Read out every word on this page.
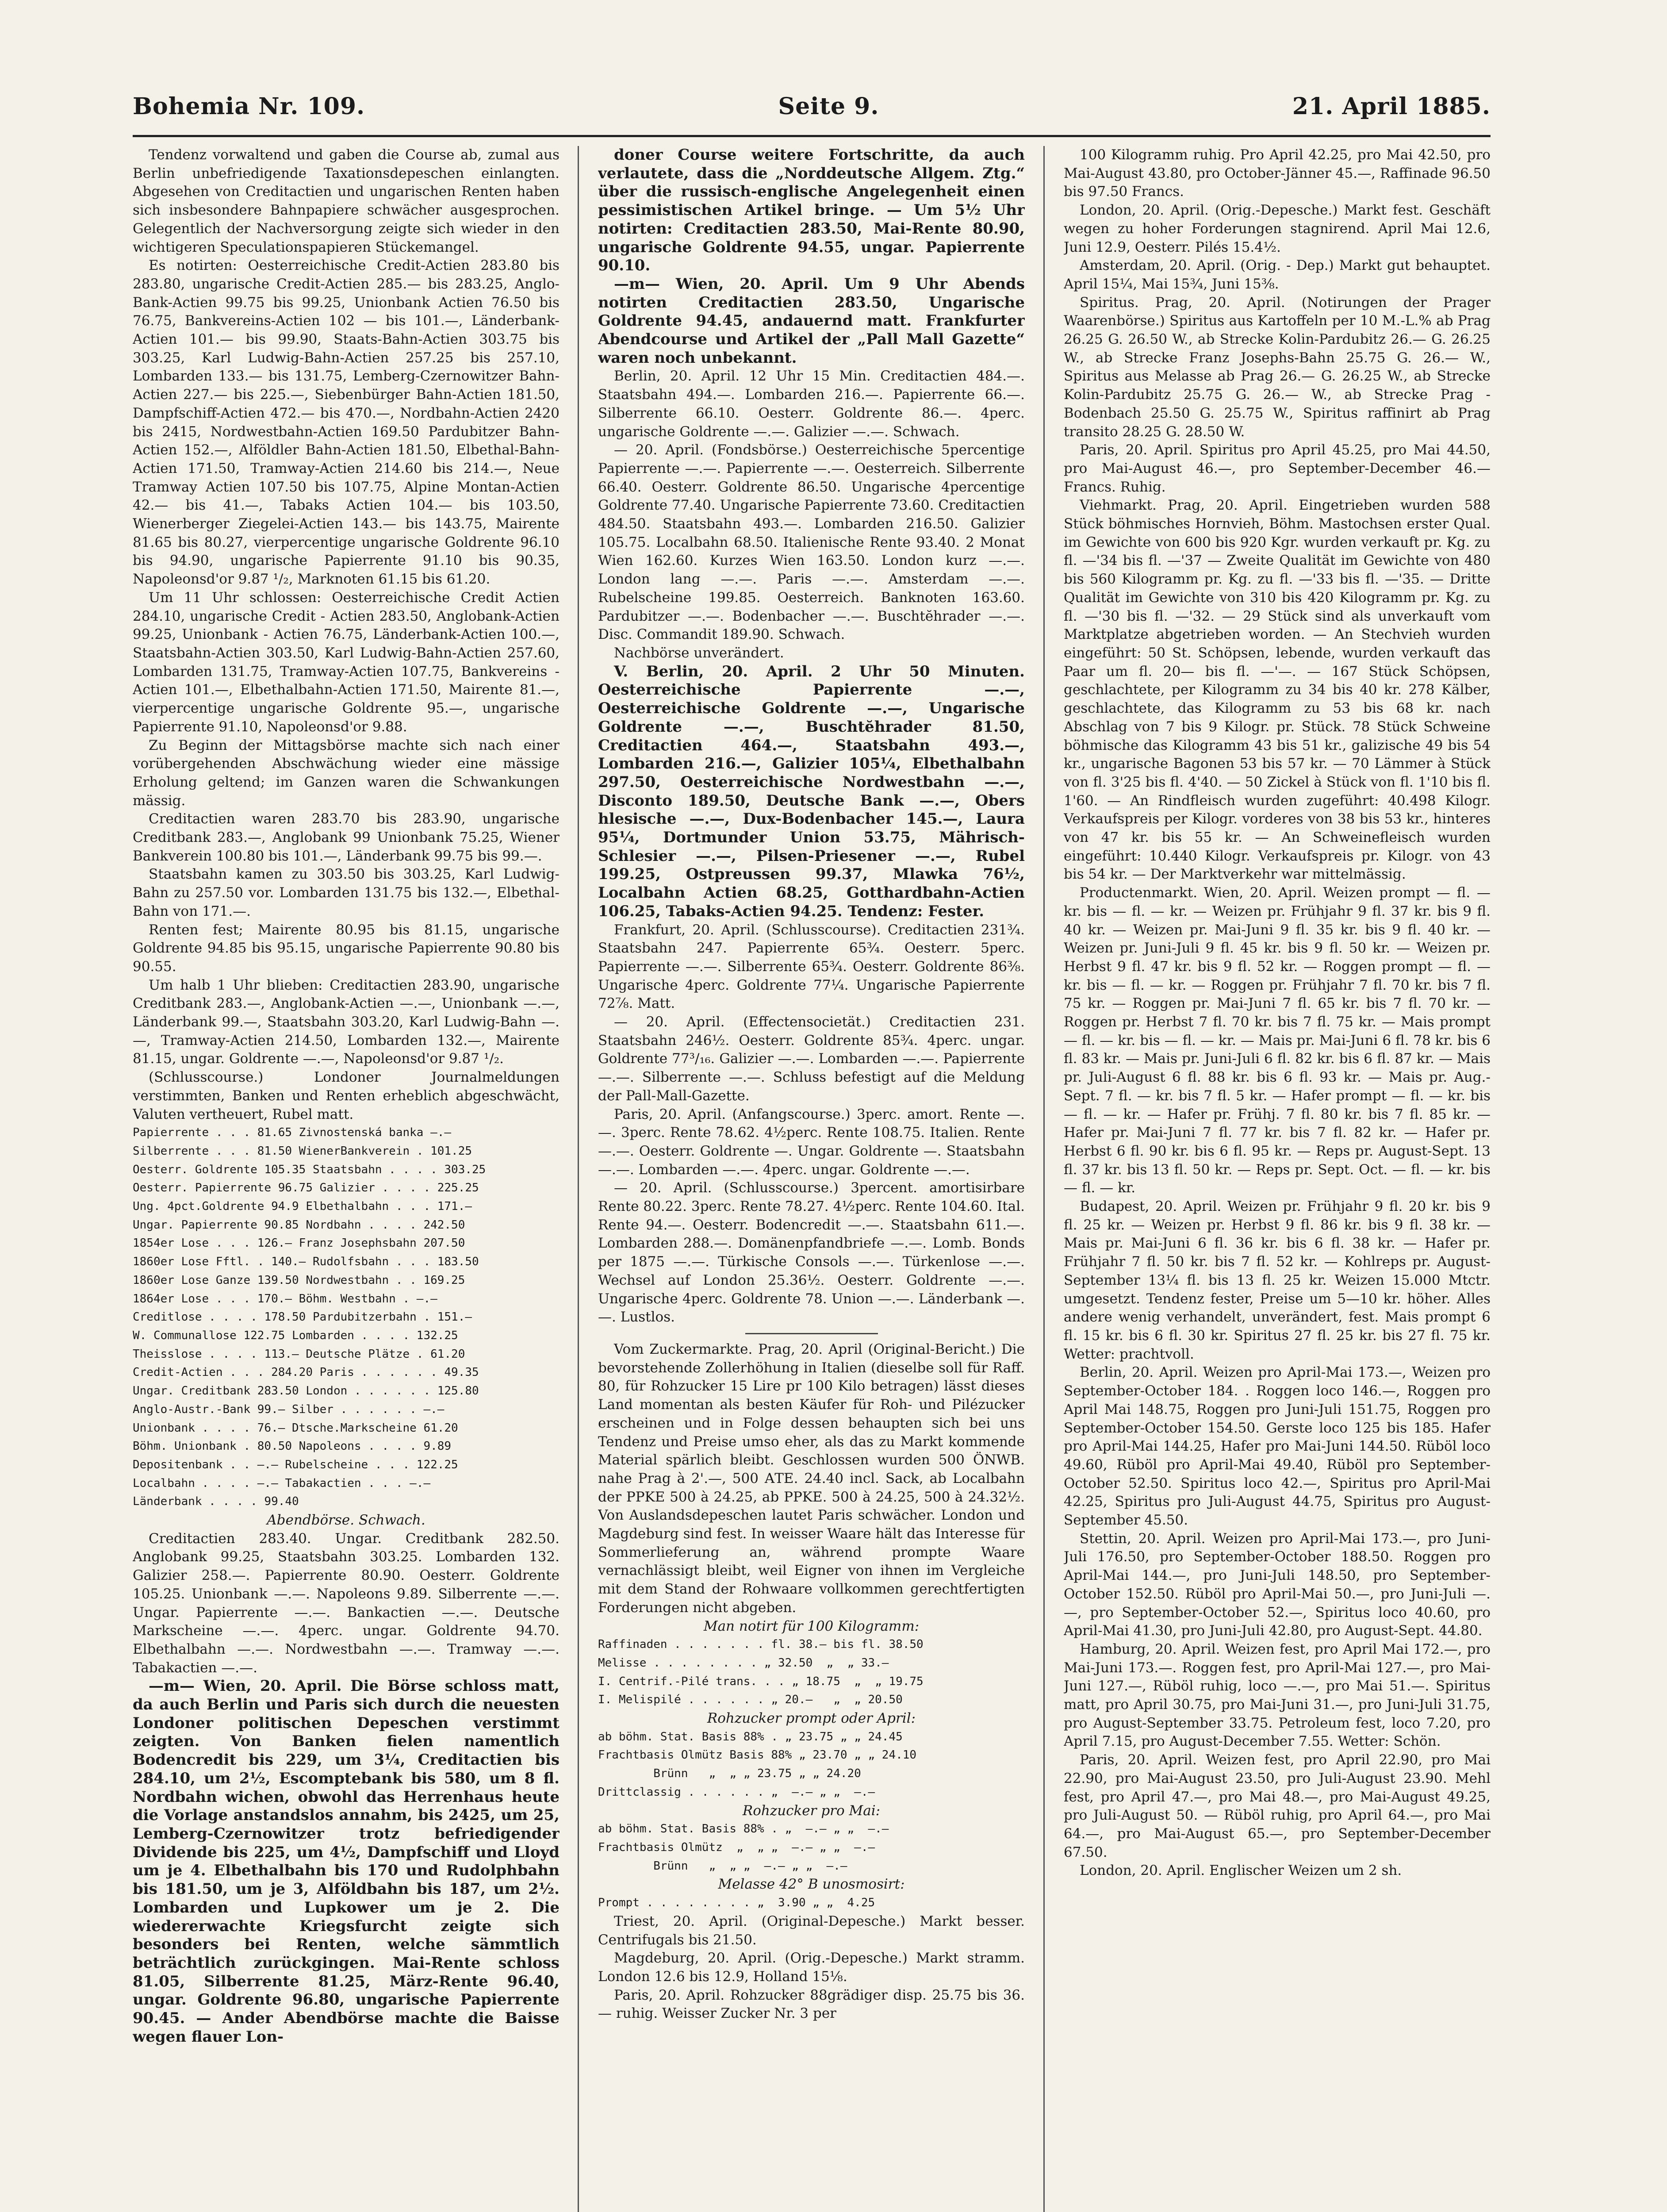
Bohemia Nr. 109.	Seite 9.	21. April 1885.

Tendenz vorwaltend und gaben die Course ab, zumal aus Berlin unbefriedigende Taxationsdepeschen einlangten. Abgesehen von Creditactien und ungarischen Renten haben sich insbesondere Bahnpapiere schwächer ausgesprochen. Gelegentlich der Nachversorgung zeigte sich wieder in den wichtigeren Speculationspapieren Stückemangel.

Es notirten: Oesterreichische Credit-Actien 283.80 bis 283.80, ungarische Credit-Actien 285.— bis 283.25, Anglo-Bank-Actien 99.75 bis 99.25, Unionbank Actien 76.50 bis 76.75, Bankvereins-Actien 102 — bis 101.—, Länderbank-Actien 101.— bis 99.90, Staats-Bahn-Actien 303.75 bis 303.25, Karl Ludwig-Bahn-Actien 257.25 bis 257.10, Lombarden 133.— bis 131.75, Lemberg-Czernowitzer Bahn-Actien 227.— bis 225.—, Siebenbürger Bahn-Actien 181.50, Dampfschiff-Actien 472.— bis 470.—, Nordbahn-Actien 2420 bis 2415, Nordwestbahn-Actien 169.50 Pardubitzer Bahn-Actien 152.—, Alföldler Bahn-Actien 181.50, Elbethal-Bahn-Actien 171.50, Tramway-Actien 214.60 bis 214.—, Neue Tramway Actien 107.50 bis 107.75, Alpine Montan-Actien 42.— bis 41.—, Tabaks Actien 104.— bis 103.50, Wienerberger Ziegelei-Actien 143.— bis 143.75, Mairente 81.65 bis 80.27, vierpercentige ungarische Goldrente 96.10 bis 94.90, ungarische Papierrente 91.10 bis 90.35, Napoleonsd'or 9.87 ¹/₂, Marknoten 61.15 bis 61.20.

Um 11 Uhr schlossen: Oesterreichische Credit Actien 284.10, ungarische Credit - Actien 283.50, Anglobank-Actien 99.25, Unionbank - Actien 76.75, Länderbank-Actien 100.—, Staatsbahn-Actien 303.50, Karl Ludwig-Bahn-Actien 257.60, Lombarden 131.75, Tramway-Actien 107.75, Bankvereins - Actien 101.—, Elbethalbahn-Actien 171.50, Mairente 81.—, vierpercentige ungarische Goldrente 95.—, ungarische Papierrente 91.10, Napoleonsd'or 9.88.

Zu Beginn der Mittagsbörse machte sich nach einer vorübergehenden Abschwächung wieder eine mässige Erholung geltend; im Ganzen waren die Schwankungen mässig.

Creditactien waren 283.70 bis 283.90, ungarische Creditbank 283.—, Anglobank 99 Unionbank 75.25, Wiener Bankverein 100.80 bis 101.—, Länderbank 99.75 bis 99.—.

Staatsbahn kamen zu 303.50 bis 303.25, Karl Ludwig-Bahn zu 257.50 vor. Lombarden 131.75 bis 132.—, Elbethal-Bahn von 171.—.

Renten fest; Mairente 80.95 bis 81.15, ungarische Goldrente 94.85 bis 95.15, ungarische Papierrente 90.80 bis 90.55.

Um halb 1 Uhr blieben: Creditactien 283.90, ungarische Creditbank 283.—, Anglobank-Actien —.—, Unionbank —.—, Länderbank 99.—, Staatsbahn 303.20, Karl Ludwig-Bahn —.—, Tramway-Actien 214.50, Lombarden 132.—, Mairente 81.15, ungar. Goldrente —.—, Napoleonsd'or 9.87 ¹/₂.

(Schlusscourse.) Londoner Journalmeldungen verstimmten, Banken und Renten erheblich abgeschwächt, Valuten vertheuert, Rubel matt.

Papierrente . . . 81.65 Zivnostenská banka —.—
Silberrente . . . 81.50 WienerBankverein . 101.25
Oesterr. Goldrente 105.35 Staatsbahn . . . . 303.25
Oesterr. Papierrente 96.75 Galizier . . . . 225.25
Ung. 4pct.Goldrente 94.9 Elbethalbahn . . . 171.—
Ungar. Papierrente 90.85 Nordbahn . . . . 242.50
1854er Lose . . . 126.— Franz Josephsbahn 207.50
1860er Lose Fftl. . 140.— Rudolfsbahn . . . 183.50
1860er Lose Ganze 139.50 Nordwestbahn . . 169.25
1864er Lose . . . 170.— Böhm. Westbahn . —.—
Creditlose . . . . 178.50 Pardubitzerbahn . 151.—
W. Communallose 122.75 Lombarden . . . . 132.25
Theisslose . . . . 113.— Deutsche Plätze . 61.20
Credit-Actien . . . 284.20 Paris . . . . . . 49.35
Ungar. Creditbank 283.50 London . . . . . . 125.80
Anglo-Austr.-Bank 99.— Silber . . . . . . —.—
Unionbank . . . . 76.— Dtsche.Markscheine 61.20
Böhm. Unionbank . 80.50 Napoleons . . . . 9.89
Depositenbank . . —.— Rubelscheine . . . 122.25
Localbahn . . . . —.— Tabakactien . . . —.—
Länderbank . . . . 99.40

Abendbörse. Schwach.

Creditactien 283.40. Ungar. Creditbank 282.50. Anglobank 99.25, Staatsbahn 303.25. Lombarden 132. Galizier 258.—. Papierrente 80.90. Oesterr. Goldrente 105.25. Unionbank —.—. Napoleons 9.89. Silberrente —.—. Ungar. Papierrente —.—. Bankactien —.—. Deutsche Markscheine —.—. 4perc. ungar. Goldrente 94.70. Elbethalbahn —.—. Nordwestbahn —.—. Tramway —.—. Tabakactien —.—.

—m— Wien, 20. April. Die Börse schloss matt, da auch Berlin und Paris sich durch die neuesten Londoner politischen Depeschen verstimmt zeigten. Von Banken fielen namentlich Bodencredit bis 229, um 3¼, Creditactien bis 284.10, um 2½, Escomptebank bis 580, um 8 fl. Nordbahn wichen, obwohl das Herrenhaus heute die Vorlage anstandslos annahm, bis 2425, um 25, Lemberg-Czernowitzer trotz befriedigender Dividende bis 225, um 4½, Dampfschiff und Lloyd um je 4. Elbethalbahn bis 170 und Rudolphbahn bis 181.50, um je 3, Alföldbahn bis 187, um 2½. Lombarden und Lupkower um je 2. Die wiedererwachte Kriegsfurcht zeigte sich besonders bei Renten, welche sämmtlich beträchtlich zurückgingen. Mai-Rente schloss 81.05, Silberrente 81.25, März-Rente 96.40, ungar. Goldrente 96.80, ungarische Papierrente 90.45. — Ander Abendbörse machte die Baisse wegen flauer Lon-

doner Course weitere Fortschritte, da auch verlautete, dass die „Norddeutsche Allgem. Ztg.“ über die russisch-englische Angelegenheit einen pessimistischen Artikel bringe. — Um 5½ Uhr notirten: Creditactien 283.50, Mai-Rente 80.90, ungarische Goldrente 94.55, ungar. Papierrente 90.10.

—m— Wien, 20. April. Um 9 Uhr Abends notirten Creditactien 283.50, Ungarische Goldrente 94.45, andauernd matt. Frankfurter Abendcourse und Artikel der „Pall Mall Gazette“ waren noch unbekannt.

Berlin, 20. April. 12 Uhr 15 Min. Creditactien 484.—. Staatsbahn 494.—. Lombarden 216.—. Papierrente 66.—. Silberrente 66.10. Oesterr. Goldrente 86.—. 4perc. ungarische Goldrente —.—. Galizier —.—. Schwach.

— 20. April. (Fondsbörse.) Oesterreichische 5percentige Papierrente —.—. Papierrente —.—. Oesterreich. Silberrente 66.40. Oesterr. Goldrente 86.50. Ungarische 4percentige Goldrente 77.40. Ungarische Papierrente 73.60. Creditactien 484.50. Staatsbahn 493.—. Lombarden 216.50. Galizier 105.75. Localbahn 68.50. Italienische Rente 93.40. 2 Monat Wien 162.60. Kurzes Wien 163.50. London kurz —.—. London lang —.—. Paris —.—. Amsterdam —.—. Rubelscheine 199.85. Oesterreich. Banknoten 163.60. Pardubitzer —.—. Bodenbacher —.—. Buschtĕhrader —.—. Disc. Commandit 189.90. Schwach.

Nachbörse unverändert.

V. Berlin, 20. April. 2 Uhr 50 Minuten. Oesterreichische Papierrente —.—, Oesterreichische Goldrente —.—, Ungarische Goldrente —.—, Buschtĕhrader 81.50, Creditactien 464.—, Staatsbahn 493.—, Lombarden 216.—, Galizier 105¼, Elbethalbahn 297.50, Oesterreichische Nordwestbahn —.—, Disconto 189.50, Deutsche Bank —.—, Obers hlesische —.—, Dux-Bodenbacher 145.—, Laura 95¼, Dortmunder Union 53.75, Mährisch-Schlesier —.—, Pilsen-Priesener —.—, Rubel 199.25, Ostpreussen 99.37, Mlawka 76½, Localbahn Actien 68.25, Gotthardbahn-Actien 106.25, Tabaks-Actien 94.25. Tendenz: Fester.

Frankfurt, 20. April. (Schlusscourse). Creditactien 231¾. Staatsbahn 247. Papierrente 65¾. Oesterr. 5perc. Papierrente —.—. Silberrente 65¾. Oesterr. Goldrente 86⅜. Ungarische 4perc. Goldrente 77¼. Ungarische Papierrente 72⅞. Matt.

— 20. April. (Effectensocietät.) Creditactien 231. Staatsbahn 246½. Oesterr. Goldrente 85¾. 4perc. ungar. Goldrente 77³/₁₆. Galizier —.—. Lombarden —.—. Papierrente —.—. Silberrente —.—. Schluss befestigt auf die Meldung der Pall-Mall-Gazette.

Paris, 20. April. (Anfangscourse.) 3perc. amort. Rente —.—. 3perc. Rente 78.62. 4½perc. Rente 108.75. Italien. Rente —.—. Oesterr. Goldrente —. Ungar. Goldrente —. Staatsbahn —.—. Lombarden —.—. 4perc. ungar. Goldrente —.—.

— 20. April. (Schlusscourse.) 3percent. amortisirbare Rente 80.22. 3perc. Rente 78.27. 4½perc. Rente 104.60. Ital. Rente 94.—. Oesterr. Bodencredit —.—. Staatsbahn 611.—. Lombarden 288.—. Domänenpfandbriefe —.—. Lomb. Bonds per 1875 —.—. Türkische Consols —.—. Türkenlose —.—. Wechsel auf London 25.36½. Oesterr. Goldrente —.—. Ungarische 4perc. Goldrente 78. Union —.—. Länderbank —.—. Lustlos.

Vom Zuckermarkte. Prag, 20. April (Original-Bericht.) Die bevorstehende Zollerhöhung in Italien (dieselbe soll für Raff. 80, für Rohzucker 15 Lire pr 100 Kilo betragen) lässt dieses Land momentan als besten Käufer für Roh- und Pilézucker erscheinen und in Folge dessen behaupten sich bei uns Tendenz und Preise umso eher, als das zu Markt kommende Material spärlich bleibt. Geschlossen wurden 500 ÖNWB. nahe Prag à 2'.—, 500 AТЕ. 24.40 incl. Sack, ab Localbahn der PPKE 500 à 24.25, ab PPKE. 500 à 24.25, 500 à 24.32½. Von Auslandsdepeschen lautet Paris schwächer. London und Magdeburg sind fest. In weisser Waare hält das Interesse für Sommerlieferung an, während prompte Waare vernachlässigt bleibt, weil Eigner von ihnen im Vergleiche mit dem Stand der Rohwaare vollkommen gerechtfertigten Forderungen nicht abgeben.

Man notirt für 100 Kilogramm:

Raffinaden . . . . . . . fl. 38.— bis fl. 38.50
Melisse . . . . . . . . „ 32.50  „  „ 33.—
I. Centrif.-Pilé trans. . . „ 18.75  „  „ 19.75
I. Melispilé . . . . . . „ 20.—   „  „ 20.50

Rohzucker prompt oder April:

ab böhm. Stat. Basis 88% . „ 23.75 „ „ 24.45
Frachtbasis Olmütz Basis 88% „ 23.70 „ „ 24.10
Brünn   „  „ „ 23.75 „ „ 24.20
Drittclassig . . . . . . „  —.— „ „  —.—

Rohzucker pro Mai:

ab böhm. Stat. Basis 88% . „  —.— „ „  —.—
Frachtbasis Olmütz  „  „ „  —.— „ „  —.—
Brünn   „  „ „  —.— „ „  —.—

Melasse 42° B unosmosirt:

Prompt . . . . . . . . „  3.90 „ „  4.25

Triest, 20. April. (Original-Depesche.) Markt besser. Centrifugals bis 21.50.

Magdeburg, 20. April. (Orig.-Depesche.) Markt stramm. London 12.6 bis 12.9, Holland 15⅛.

Paris, 20. April. Rohzucker 88grädiger disp. 25.75 bis 36.— ruhig. Weisser Zucker Nr. 3 per

100 Kilogramm ruhig. Pro April 42.25, pro Mai 42.50, pro Mai-August 43.80, pro October-Jänner 45.—, Raffinade 96.50 bis 97.50 Francs.

London, 20. April. (Orig.-Depesche.) Markt fest. Geschäft wegen zu hoher Forderungen stagnirend. April Mai 12.6, Juni 12.9, Oesterr. Pilés 15.4½.

Amsterdam, 20. April. (Orig. - Dep.) Markt gut behauptet. April 15¼, Mai 15¾, Juni 15⅜.

Spiritus. Prag, 20. April. (Notirungen der Prager Waarenbörse.) Spiritus aus Kartoffeln per 10 M.-L.% ab Prag 26.25 G. 26.50 W., ab Strecke Kolin-Pardubitz 26.— G. 26.25 W., ab Strecke Franz Josephs-Bahn 25.75 G. 26.— W., Spiritus aus Melasse ab Prag 26.— G. 26.25 W., ab Strecke Kolin-Pardubitz 25.75 G. 26.— W., ab Strecke Prag - Bodenbach 25.50 G. 25.75 W., Spiritus raffinirt ab Prag transito 28.25 G. 28.50 W.

Paris, 20. April. Spiritus pro April 45.25, pro Mai 44.50, pro Mai-August 46.—, pro September-December 46.— Francs. Ruhig.

Viehmarkt. Prag, 20. April. Eingetrieben wurden 588 Stück böhmisches Hornvieh, Böhm. Mastochsen erster Qual. im Gewichte von 600 bis 920 Kgr. wurden verkauft pr. Kg. zu fl. —'34 bis fl. —'37 — Zweite Qualität im Gewichte von 480 bis 560 Kilogramm pr. Kg. zu fl. —'33 bis fl. —'35. — Dritte Qualität im Gewichte von 310 bis 420 Kilogramm pr. Kg. zu fl. —'30 bis fl. —'32. — 29 Stück sind als unverkauft vom Marktplatze abgetrieben worden. — An Stechvieh wurden eingeführt: 50 St. Schöpsen, lebende, wurden verkauft das Paar um fl. 20— bis fl. —'—. — 167 Stück Schöpsen, geschlachtete, per Kilogramm zu 34 bis 40 kr. 278 Kälber, geschlachtete, das Kilogramm zu 53 bis 68 kr. nach Abschlag von 7 bis 9 Kilogr. pr. Stück. 78 Stück Schweine böhmische das Kilogramm 43 bis 51 kr., galizische 49 bis 54 kr., ungarische Bagonen 53 bis 57 kr. — 70 Lämmer à Stück von fl. 3'25 bis fl. 4'40. — 50 Zickel à Stück von fl. 1'10 bis fl. 1'60. — An Rindfleisch wurden zugeführt: 40.498 Kilogr. Verkaufspreis per Kilogr. vorderes von 38 bis 53 kr., hinteres von 47 kr. bis 55 kr. — An Schweinefleisch wurden eingeführt: 10.440 Kilogr. Verkaufspreis pr. Kilogr. von 43 bis 54 kr. — Der Marktverkehr war mittelmässig.

Productenmarkt. Wien, 20. April. Weizen prompt — fl. — kr. bis — fl. — kr. — Weizen pr. Frühjahr 9 fl. 37 kr. bis 9 fl. 40 kr. — Weizen pr. Mai-Juni 9 fl. 35 kr. bis 9 fl. 40 kr. — Weizen pr. Juni-Juli 9 fl. 45 kr. bis 9 fl. 50 kr. — Weizen pr. Herbst 9 fl. 47 kr. bis 9 fl. 52 kr. — Roggen prompt — fl. — kr. bis — fl. — kr. — Roggen pr. Frühjahr 7 fl. 70 kr. bis 7 fl. 75 kr. — Roggen pr. Mai-Juni 7 fl. 65 kr. bis 7 fl. 70 kr. — Roggen pr. Herbst 7 fl. 70 kr. bis 7 fl. 75 kr. — Mais prompt — fl. — kr. bis — fl. — kr. — Mais pr. Mai-Juni 6 fl. 78 kr. bis 6 fl. 83 kr. — Mais pr. Juni-Juli 6 fl. 82 kr. bis 6 fl. 87 kr. — Mais pr. Juli-August 6 fl. 88 kr. bis 6 fl. 93 kr. — Mais pr. Aug.-Sept. 7 fl. — kr. bis 7 fl. 5 kr. — Hafer prompt — fl. — kr. bis — fl. — kr. — Hafer pr. Frühj. 7 fl. 80 kr. bis 7 fl. 85 kr. — Hafer pr. Mai-Juni 7 fl. 77 kr. bis 7 fl. 82 kr. — Hafer pr. Herbst 6 fl. 90 kr. bis 6 fl. 95 kr. — Reps pr. August-Sept. 13 fl. 37 kr. bis 13 fl. 50 kr. — Reps pr. Sept. Oct. — fl. — kr. bis — fl. — kr.

Budapest, 20. April. Weizen pr. Frühjahr 9 fl. 20 kr. bis 9 fl. 25 kr. — Weizen pr. Herbst 9 fl. 86 kr. bis 9 fl. 38 kr. — Mais pr. Mai-Juni 6 fl. 36 kr. bis 6 fl. 38 kr. — Hafer pr. Frühjahr 7 fl. 50 kr. bis 7 fl. 52 kr. — Kohlreps pr. August-September 13¼ fl. bis 13 fl. 25 kr. Weizen 15.000 Mtctr. umgesetzt. Tendenz fester, Preise um 5—10 kr. höher. Alles andere wenig verhandelt, unverändert, fest. Mais prompt 6 fl. 15 kr. bis 6 fl. 30 kr. Spiritus 27 fl. 25 kr. bis 27 fl. 75 kr. Wetter: prachtvoll.

Berlin, 20. April. Weizen pro April-Mai 173.—, Weizen pro September-October 184. . Roggen loco 146.—, Roggen pro April Mai 148.75, Roggen pro Juni-Juli 151.75, Roggen pro September-October 154.50. Gerste loco 125 bis 185. Hafer pro April-Mai 144.25, Hafer pro Mai-Juni 144.50. Rüböl loco 49.60, Rüböl pro April-Mai 49.40, Rüböl pro September-October 52.50. Spiritus loco 42.—, Spiritus pro April-Mai 42.25, Spiritus pro Juli-August 44.75, Spiritus pro August-September 45.50.

Stettin, 20. April. Weizen pro April-Mai 173.—, pro Juni-Juli 176.50, pro September-October 188.50. Roggen pro April-Mai 144.—, pro Juni-Juli 148.50, pro September-October 152.50. Rüböl pro April-Mai 50.—, pro Juni-Juli —.—, pro September-October 52.—, Spiritus loco 40.60, pro April-Mai 41.30, pro Juni-Juli 42.80, pro August-Sept. 44.80.

Hamburg, 20. April. Weizen fest, pro April Mai 172.—, pro Mai-Juni 173.—. Roggen fest, pro April-Mai 127.—, pro Mai-Juni 127.—, Rüböl ruhig, loco —.—, pro Mai 51.—. Spiritus matt, pro April 30.75, pro Mai-Juni 31.—, pro Juni-Juli 31.75, pro August-September 33.75. Petroleum fest, loco 7.20, pro April 7.15, pro August-December 7.55. Wetter: Schön.

Paris, 20. April. Weizen fest, pro April 22.90, pro Mai 22.90, pro Mai-August 23.50, pro Juli-August 23.90. Mehl fest, pro April 47.—, pro Mai 48.—, pro Mai-August 49.25, pro Juli-August 50. — Rüböl ruhig, pro April 64.—, pro Mai 64.—, pro Mai-August 65.—, pro September-December 67.50.

London, 20. April. Englischer Weizen um 2 sh.
